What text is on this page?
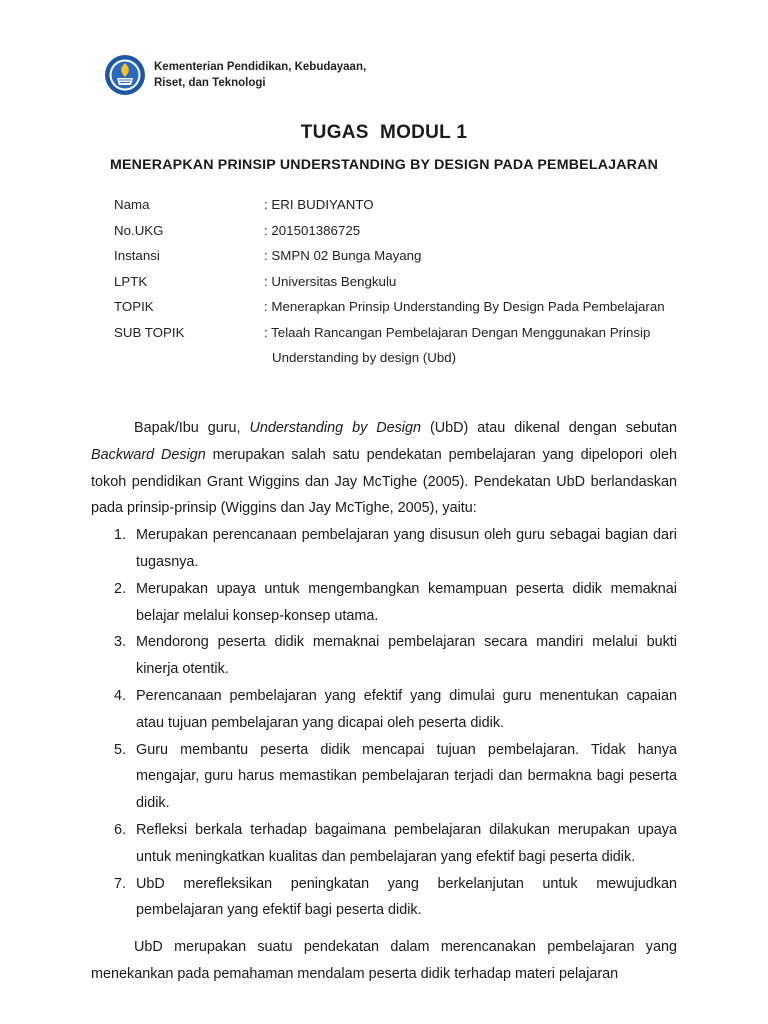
Kementerian Pendidikan, Kebudayaan,
Riset, dan Teknologi
TUGAS  MODUL 1
MENERAPKAN PRINSIP UNDERSTANDING BY DESIGN PADA PEMBELAJARAN
Nama	: ERI BUDIYANTO
No.UKG	: 201501386725
Instansi	: SMPN 02 Bunga Mayang
LPTK	: Universitas Bengkulu
TOPIK	: Menerapkan Prinsip Understanding By Design Pada Pembelajaran
SUB TOPIK	: Telaah Rancangan Pembelajaran Dengan Menggunakan Prinsip
Understanding by design (Ubd)

Bapak/Ibu guru, Understanding by Design (UbD) atau dikenal dengan sebutan Backward Design merupakan salah satu pendekatan pembelajaran yang dipelopori oleh tokoh pendidikan Grant Wiggins dan Jay McTighe (2005). Pendekatan UbD berlandaskan pada prinsip-prinsip (Wiggins dan Jay McTighe, 2005), yaitu:

1. Merupakan perencanaan pembelajaran yang disusun oleh guru sebagai bagian dari tugasnya.
2. Merupakan upaya untuk mengembangkan kemampuan peserta didik memaknai belajar melalui konsep-konsep utama.
3. Mendorong peserta didik memaknai pembelajaran secara mandiri melalui bukti kinerja otentik.
4. Perencanaan pembelajaran yang efektif yang dimulai guru menentukan capaian atau tujuan pembelajaran yang dicapai oleh peserta didik.
5. Guru membantu peserta didik mencapai tujuan pembelajaran. Tidak hanya mengajar, guru harus memastikan pembelajaran terjadi dan bermakna bagi peserta didik.
6. Refleksi berkala terhadap bagaimana pembelajaran dilakukan merupakan upaya untuk meningkatkan kualitas dan pembelajaran yang efektif bagi peserta didik.
7. UbD merefleksikan peningkatan yang berkelanjutan untuk mewujudkan pembelajaran yang efektif bagi peserta didik.

UbD merupakan suatu pendekatan dalam merencanakan pembelajaran yang menekankan pada pemahaman mendalam peserta didik terhadap materi pelajaran
